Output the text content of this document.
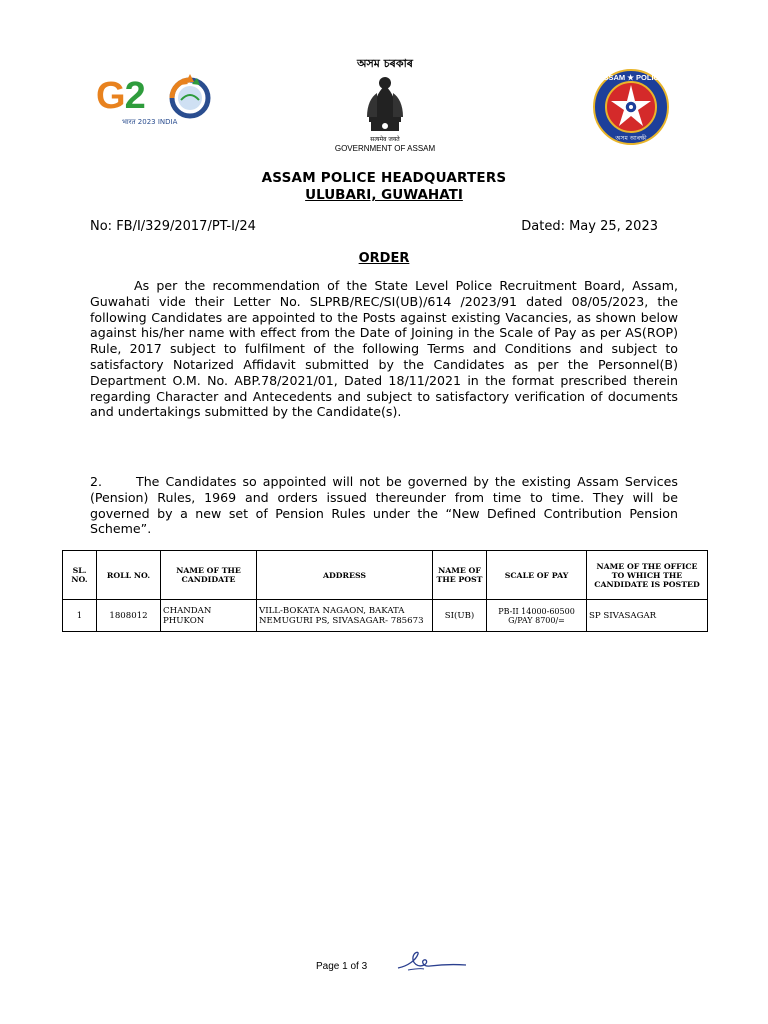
G2
भारत 2023 INDIA
অসম চৰকাৰ
सत्यमेव जयते
GOVERNMENT OF ASSAM
ASSAM ★ POLICE
অসম আৰক্ষী
ASSAM POLICE HEADQUARTERS
ULUBARI, GUWAHATI
No: FB/I/329/2017/PT-I/24	Dated: May 25, 2023
ORDER
As per the recommendation of the State Level Police Recruitment Board, Assam, Guwahati vide their Letter No. SLPRB/REC/SI(UB)/614 /2023/91 dated 08/05/2023, the following Candidates are appointed to the Posts against existing Vacancies, as shown below against his/her name with effect from the Date of Joining in the Scale of Pay as per AS(ROP) Rule, 2017 subject to fulfilment of the following Terms and Conditions and subject to satisfactory Notarized Affidavit submitted by the Candidates as per the Personnel(B) Department O.M. No. ABP.78/2021/01, Dated 18/11/2021 in the format prescribed therein regarding Character and Antecedents and subject to satisfactory verification of documents and undertakings submitted by the Candidate(s).
2.	The Candidates so appointed will not be governed by the existing Assam Services (Pension) Rules, 1969 and orders issued thereunder from time to time. They will be governed by a new set of Pension Rules under the “New Defined Contribution Pension Scheme”.
SL. NO.	ROLL NO.	NAME OF THE CANDIDATE	ADDRESS	NAME OF THE POST	SCALE OF PAY	NAME OF THE OFFICE TO WHICH THE CANDIDATE IS POSTED
1	1808012	CHANDAN PHUKON	VILL-BOKATA NAGAON, BAKATA NEMUGURI PS, SIVASAGAR- 785673	SI(UB)	PB-II 14000-60500 G/PAY 8700/=	SP SIVASAGAR
Page 1 of 3
